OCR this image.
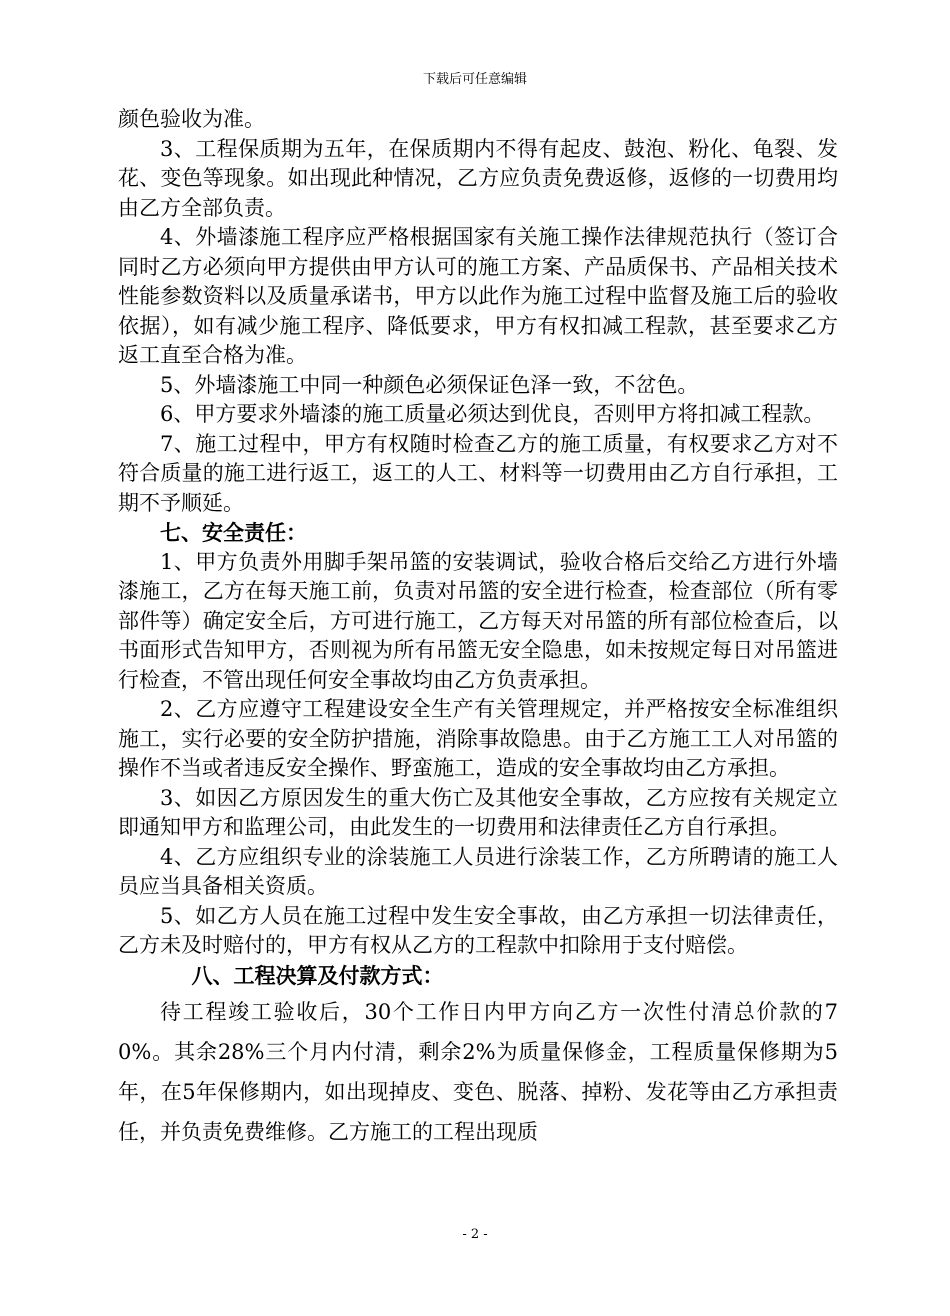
下载后可任意编辑

颜色验收为准。

3、工程保质期为五年，在保质期内不得有起皮、鼓泡、粉化、龟裂、发花、变色等现象。如出现此种情况，乙方应负责免费返修，返修的一切费用均由乙方全部负责。

4、外墙漆施工程序应严格根据国家有关施工操作法律规范执行（签订合同时乙方必须向甲方提供由甲方认可的施工方案、产品质保书、产品相关技术性能参数资料以及质量承诺书，甲方以此作为施工过程中监督及施工后的验收依据），如有减少施工程序、降低要求，甲方有权扣减工程款，甚至要求乙方返工直至合格为准。

5、外墙漆施工中同一种颜色必须保证色泽一致，不岔色。

6、甲方要求外墙漆的施工质量必须达到优良，否则甲方将扣减工程款。

7、施工过程中，甲方有权随时检查乙方的施工质量，有权要求乙方对不符合质量的施工进行返工，返工的人工、材料等一切费用由乙方自行承担，工期不予顺延。

七、安全责任：

1、甲方负责外用脚手架吊篮的安装调试，验收合格后交给乙方进行外墙漆施工，乙方在每天施工前，负责对吊篮的安全进行检查，检查部位（所有零部件等）确定安全后，方可进行施工，乙方每天对吊篮的所有部位检查后，以书面形式告知甲方，否则视为所有吊篮无安全隐患，如未按规定每日对吊篮进行检查，不管出现任何安全事故均由乙方负责承担。

2、乙方应遵守工程建设安全生产有关管理规定，并严格按安全标准组织施工，实行必要的安全防护措施，消除事故隐患。由于乙方施工工人对吊篮的操作不当或者违反安全操作、野蛮施工，造成的安全事故均由乙方承担。

3、如因乙方原因发生的重大伤亡及其他安全事故，乙方应按有关规定立即通知甲方和监理公司，由此发生的一切费用和法律责任乙方自行承担。

4、乙方应组织专业的涂装施工人员进行涂装工作，乙方所聘请的施工人员应当具备相关资质。

5、如乙方人员在施工过程中发生安全事故，由乙方承担一切法律责任，乙方未及时赔付的，甲方有权从乙方的工程款中扣除用于支付赔偿。

八、工程决算及付款方式：

待工程竣工验收后，30个工作日内甲方向乙方一次性付清总价款的70%。其余28%三个月内付清，剩余2%为质量保修金，工程质量保修期为5年，在5年保修期内，如出现掉皮、变色、脱落、掉粉、发花等由乙方承担责任，并负责免费维修。乙方施工的工程出现质

- 2 -
